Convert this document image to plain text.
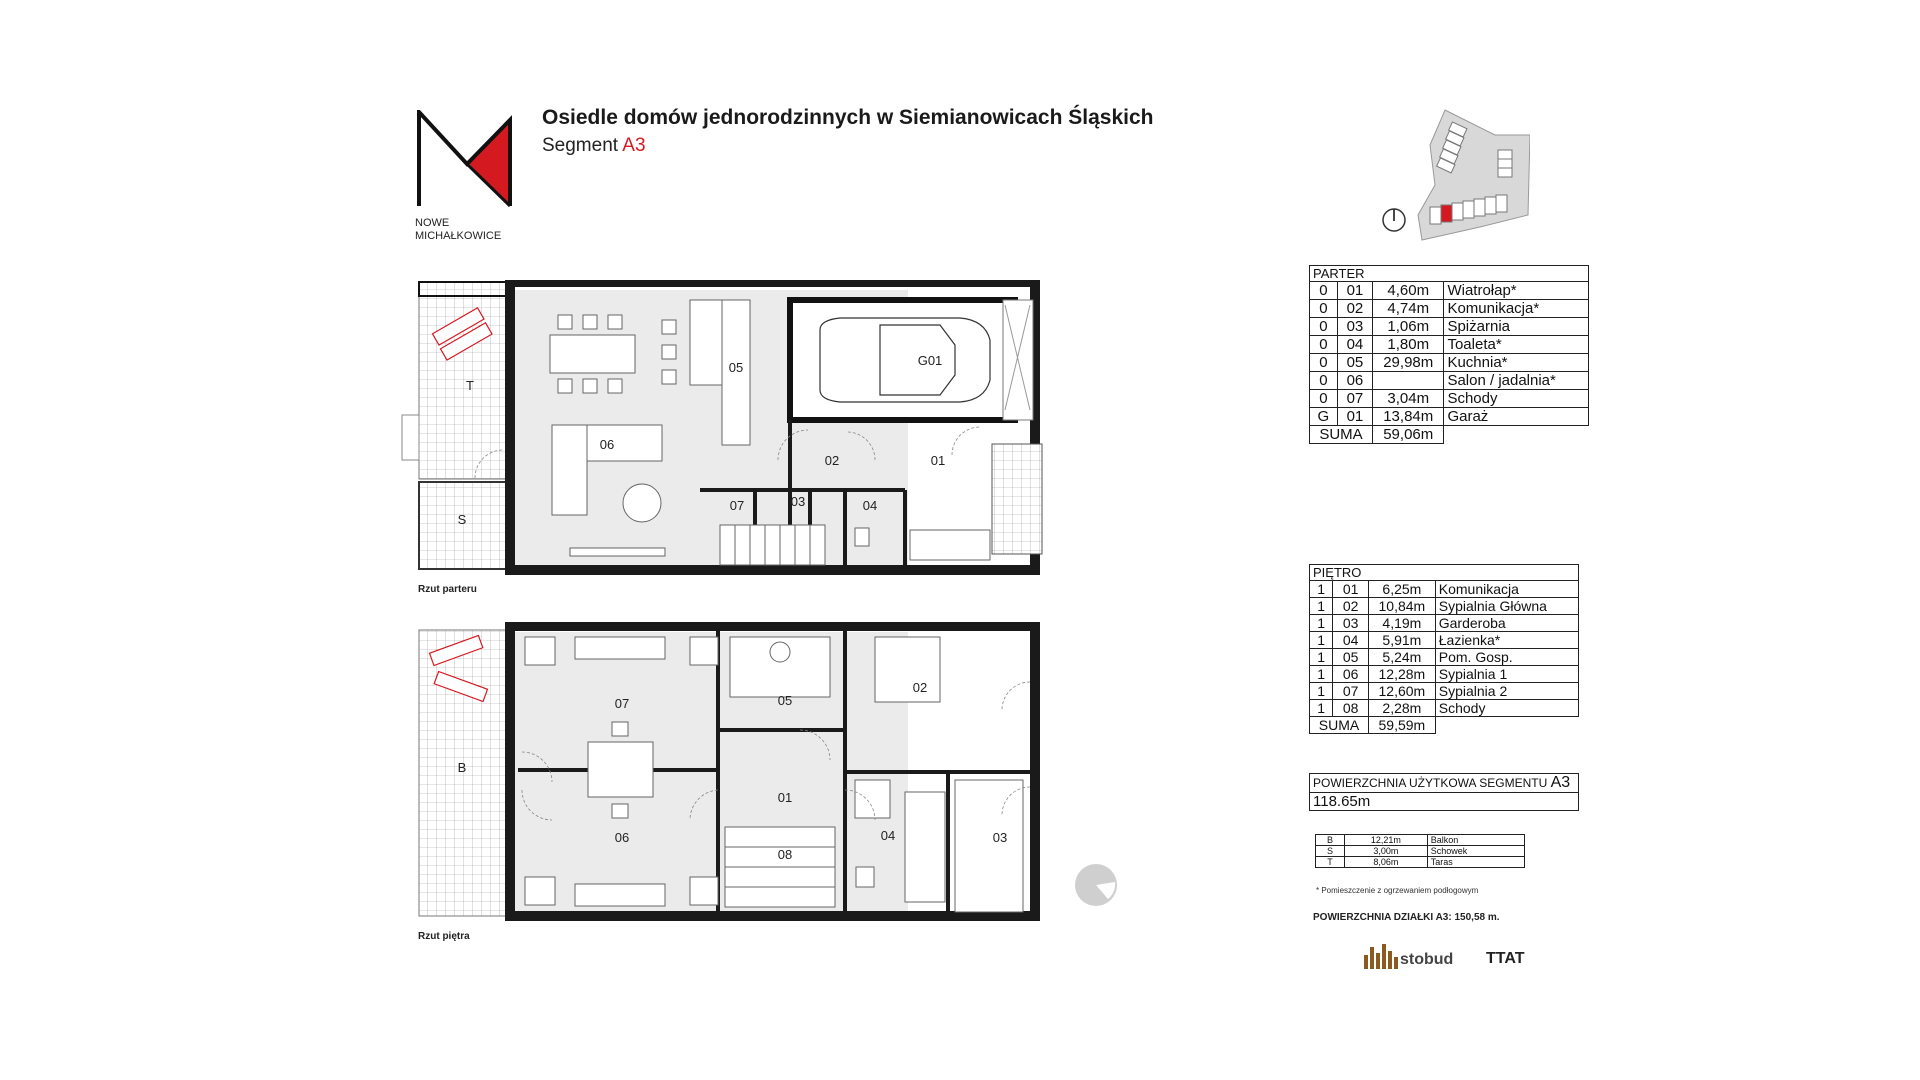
NOWE
MICHAŁKOWICE
Osiedle domów jednorodzinnych w Siemianowicach Śląskich
Segment A3
T
S
G01
05
06
02	01
03	04
07
Rzut parteru
B
07
06
05
02
01
08
04	03
Rzut piętra
PARTER			
0	01	4,60m	Wiatrołap*
0	02	4,74m	Komunikacja*
0	03	1,06m	Spiżarnia
0	04	1,80m	Toaleta*
0	05	29,98m	Kuchnia*
0	06		Salon / jadalnia*
0	07	3,04m	Schody
G	01	13,84m	Garaż
SUMA		59,06m	
PIĘTRO			
1	01	6,25m	Komunikacja
1	02	10,84m	Sypialnia Główna
1	03	4,19m	Garderoba
1	04	5,91m	Łazienka*
1	05	5,24m	Pom. Gosp.
1	06	12,28m	Sypialnia 1
1	07	12,60m	Sypialnia 2
1	08	2,28m	Schody
SUMA		59,59m	
POWIERZCHNIA UŻYTKOWA SEGMENTU A3
118.65m
B	12,21m	Balkon
S	3,00m	Schowek
T	8,06m	Taras
* Pomieszczenie z ogrzewaniem podłogowym
POWIERZCHNIA DZIAŁKI A3: 150,58 m.
stobud TTAT
